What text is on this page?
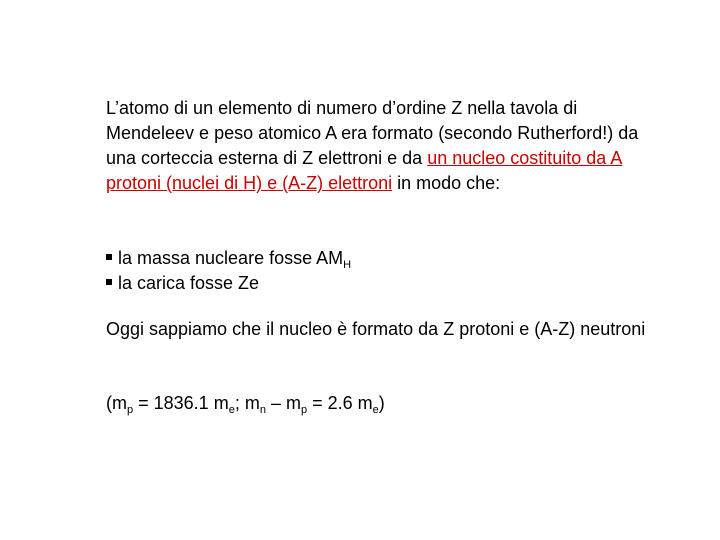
L’atomo di un elemento di numero d’ordine Z nella tavola di Mendeleev e peso atomico A era formato (secondo Rutherford!) da una corteccia esterna di Z elettroni e da un nucleo costituito da A protoni (nuclei di H) e (A-Z) elettroni in modo che:
la massa nucleare fosse $AM_H$
la carica fosse Ze
Oggi sappiamo che il nucleo è formato da Z protoni e (A-Z) neutroni
($m_p = 1836.1$ $m_e$; $m_n - m_p = 2.6$ $m_e$)
